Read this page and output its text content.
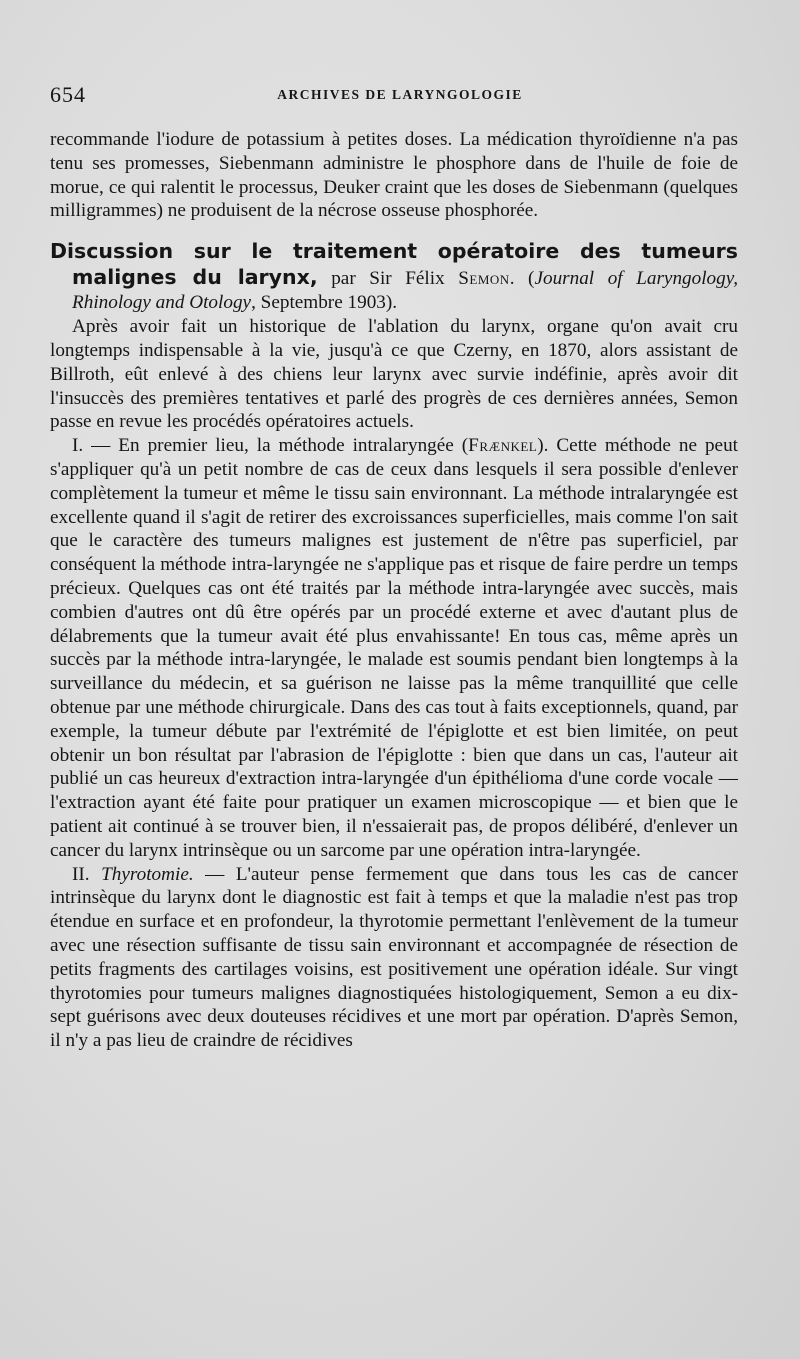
654	ARCHIVES DE LARYNGOLOGIE

recommande l'iodure de potassium à petites doses. La médication thyroïdienne n'a pas tenu ses promesses, Siebenmann administre le phosphore dans de l'huile de foie de morue, ce qui ralentit le processus, Deuker craint que les doses de Siebenmann (quelques milligrammes) ne produisent de la nécrose osseuse phosphorée.

Discussion sur le traitement opératoire des tumeurs malignes du larynx, par Sir Félix Semon. (Journal of Laryngology, Rhinology and Otology, Septembre 1903).

Après avoir fait un historique de l'ablation du larynx, organe qu'on avait cru longtemps indispensable à la vie, jusqu'à ce que Czerny, en 1870, alors assistant de Billroth, eût enlevé à des chiens leur larynx avec survie indéfinie, après avoir dit l'insuccès des premières tentatives et parlé des progrès de ces dernières années, Semon passe en revue les procédés opératoires actuels.

I. — En premier lieu, la méthode intralaryngée (Frænkel). Cette méthode ne peut s'appliquer qu'à un petit nombre de cas de ceux dans lesquels il sera possible d'enlever complètement la tumeur et même le tissu sain environnant. La méthode intralaryngée est excellente quand il s'agit de retirer des excroissances superficielles, mais comme l'on sait que le caractère des tumeurs malignes est justement de n'être pas superficiel, par conséquent la méthode intra-laryngée ne s'applique pas et risque de faire perdre un temps précieux. Quelques cas ont été traités par la méthode intra-laryngée avec succès, mais combien d'autres ont dû être opérés par un procédé externe et avec d'autant plus de délabrements que la tumeur avait été plus envahissante! En tous cas, même après un succès par la méthode intra-laryngée, le malade est soumis pendant bien longtemps à la surveillance du médecin, et sa guérison ne laisse pas la même tranquillité que celle obtenue par une méthode chirurgicale. Dans des cas tout à faits exceptionnels, quand, par exemple, la tumeur débute par l'extrémité de l'épiglotte et est bien limitée, on peut obtenir un bon résultat par l'abrasion de l'épiglotte : bien que dans un cas, l'auteur ait publié un cas heureux d'extraction intra-laryngée d'un épithélioma d'une corde vocale — l'extraction ayant été faite pour pratiquer un examen microscopique — et bien que le patient ait continué à se trouver bien, il n'essaierait pas, de propos délibéré, d'enlever un cancer du larynx intrinsèque ou un sarcome par une opération intra-laryngée.

II. Thyrotomie. — L'auteur pense fermement que dans tous les cas de cancer intrinsèque du larynx dont le diagnostic est fait à temps et que la maladie n'est pas trop étendue en surface et en profondeur, la thyrotomie permettant l'enlèvement de la tumeur avec une résection suffisante de tissu sain environnant et accompagnée de résection de petits fragments des cartilages voisins, est positivement une opération idéale. Sur vingt thyrotomies pour tumeurs malignes diagnostiquées histologiquement, Semon a eu dix-sept guérisons avec deux douteuses récidives et une mort par opération. D'après Semon, il n'y a pas lieu de craindre de récidives
